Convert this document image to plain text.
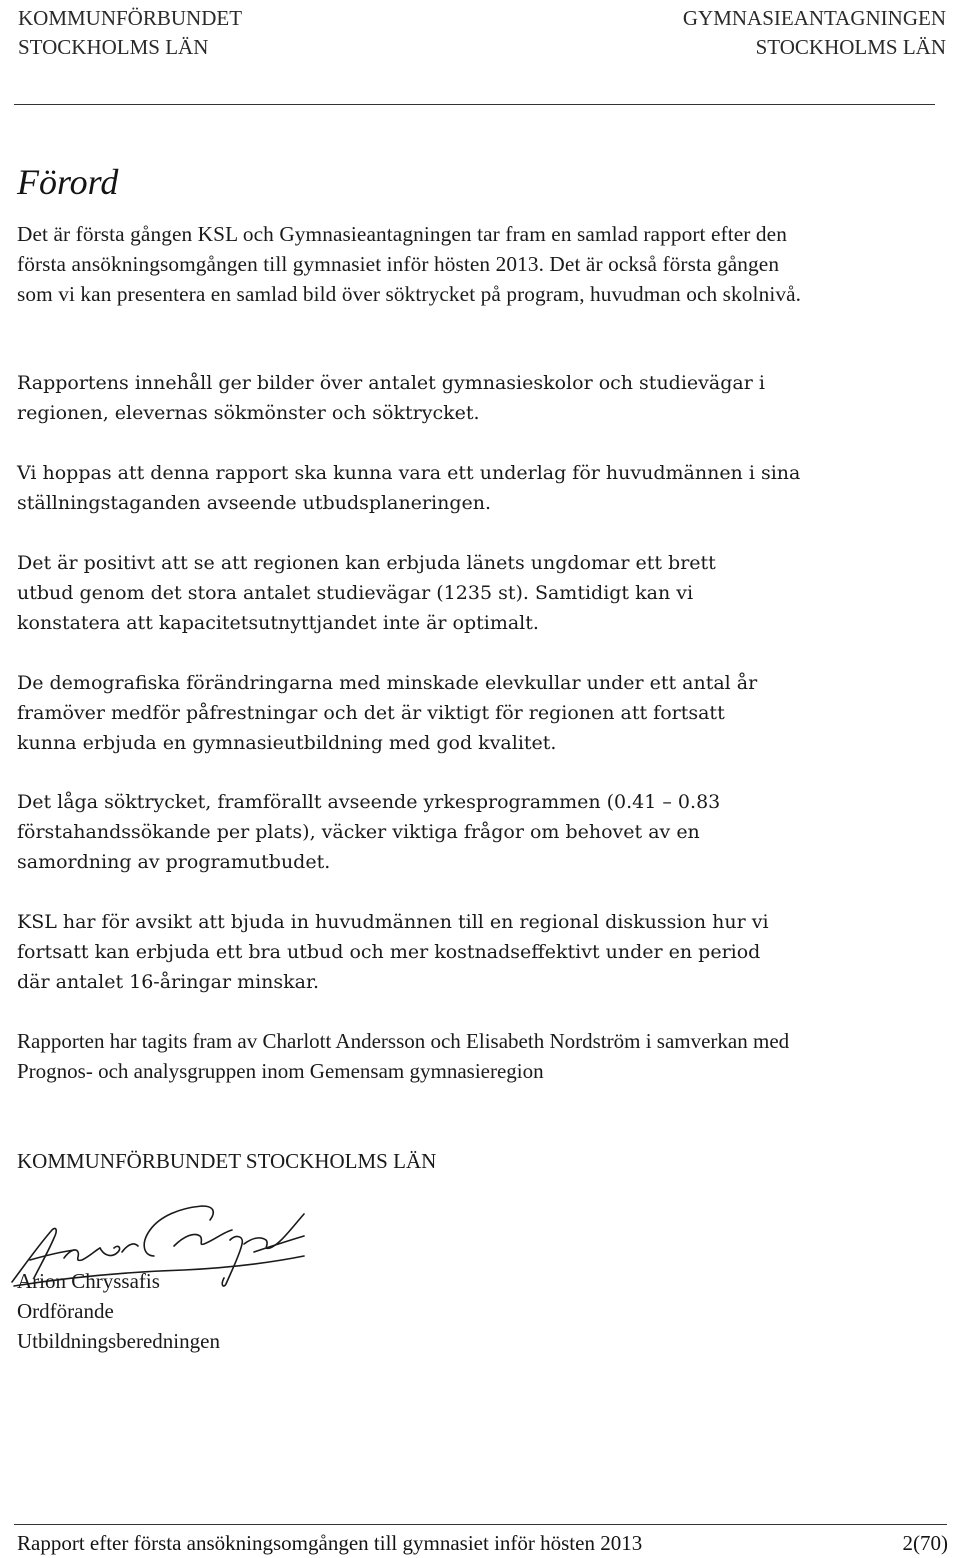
KOMMUNFÖRBUNDET
STOCKHOLMS LÄN
GYMNASIEANTAGNINGEN
STOCKHOLMS LÄN
Förord

Det är första gången KSL och Gymnasieantagningen tar fram en samlad rapport efter den första ansökningsomgången till gymnasiet inför hösten 2013. Det är också första gången som vi kan presentera en samlad bild över söktrycket på program, huvudman och skolnivå.

Rapportens innehåll ger bilder över antalet gymnasieskolor och studievägar i regionen, elevernas sökmönster och söktrycket.

Vi hoppas att denna rapport ska kunna vara ett underlag för huvudmännen i sina ställningstaganden avseende utbudsplaneringen.

Det är positivt att se att regionen kan erbjuda länets ungdomar ett brett utbud genom det stora antalet studievägar (1235 st). Samtidigt kan vi konstatera att kapacitetsutnyttjandet inte är optimalt.

De demografiska förändringarna med minskade elevkullar under ett antal år framöver medför påfrestningar och det är viktigt för regionen att fortsatt kunna erbjuda en gymnasieutbildning med god kvalitet.

Det låga söktrycket, framförallt avseende yrkesprogrammen (0.41 – 0.83 förstahandssökande per plats), väcker viktiga frågor om behovet av en samordning av programutbudet.

KSL har för avsikt att bjuda in huvudmännen till en regional diskussion hur vi fortsatt kan erbjuda ett bra utbud och mer kostnadseffektivt under en period där antalet 16-åringar minskar.

Rapporten har tagits fram av Charlott Andersson och Elisabeth Nordström i samverkan med Prognos- och analysgruppen inom Gemensam gymnasieregion

KOMMUNFÖRBUNDET STOCKHOLMS LÄN
Arion Chryssafis
Ordförande
Utbildningsberedningen
Rapport efter första ansökningsomgången till gymnasiet inför hösten 2013	2(70)
